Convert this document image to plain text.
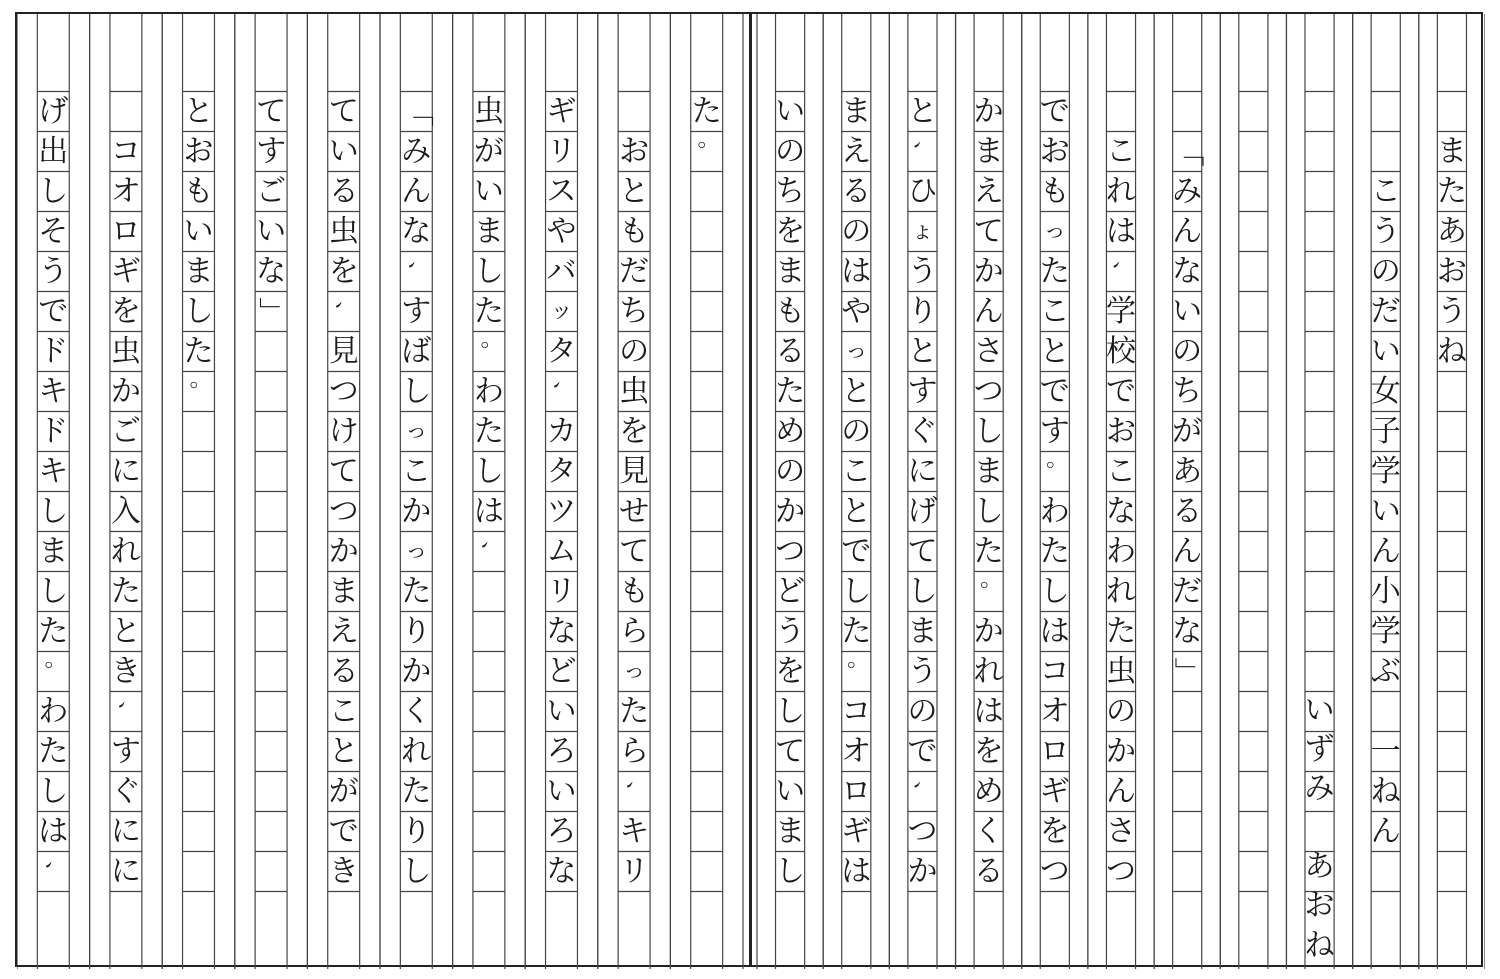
ま
た
あ
お
う
ね
こ
う
の
だ
い
女
子
学
い
ん
小
学
ぶ
一
ね
ん
い
ず
み
あ
お
ね
「
み
ん
な
い
の
ち
が
あ
る
ん
だ
な
」
こ
れ
は
、
学
校
で
お
こ
な
わ
れ
た
虫
の
か
ん
さ
つ
で
お
も
っ
た
こ
と
で
す
。
わ
た
し
は
コ
オ
ロ
ギ
を
つ
か
ま
え
て
か
ん
さ
つ
し
ま
し
た
。
か
れ
は
を
め
く
る
と
、
ひ
ょ
う
り
と
す
ぐ
に
げ
て
し
ま
う
の
で
、
つ
か
ま
え
る
の
は
や
っ
と
の
こ
と
で
し
た
。
コ
オ
ロ
ギ
は
い
の
ち
を
ま
も
る
た
め
の
か
つ
ど
う
を
し
て
い
ま
し
た
。
お
と
も
だ
ち
の
虫
を
見
せ
て
も
ら
っ
た
ら
、
キ
リ
ギ
リ
ス
や
バ
ッ
タ
、
カ
タ
ツ
ム
リ
な
ど
い
ろ
い
ろ
な
虫
が
い
ま
し
た
。
わ
た
し
は
、
「
み
ん
な
、
す
ば
し
っ
こ
か
っ
た
り
か
く
れ
た
り
し
て
い
る
虫
を
、
見
つ
け
て
つ
か
ま
え
る
こ
と
が
で
き
て
す
ご
い
な
」
と
お
も
い
ま
し
た
。
コ
オ
ロ
ギ
を
虫
か
ご
に
入
れ
た
と
き
、
す
ぐ
に
に
げ
出
し
そ
う
で
ド
キ
ド
キ
し
ま
し
た
。
わ
た
し
は
、
